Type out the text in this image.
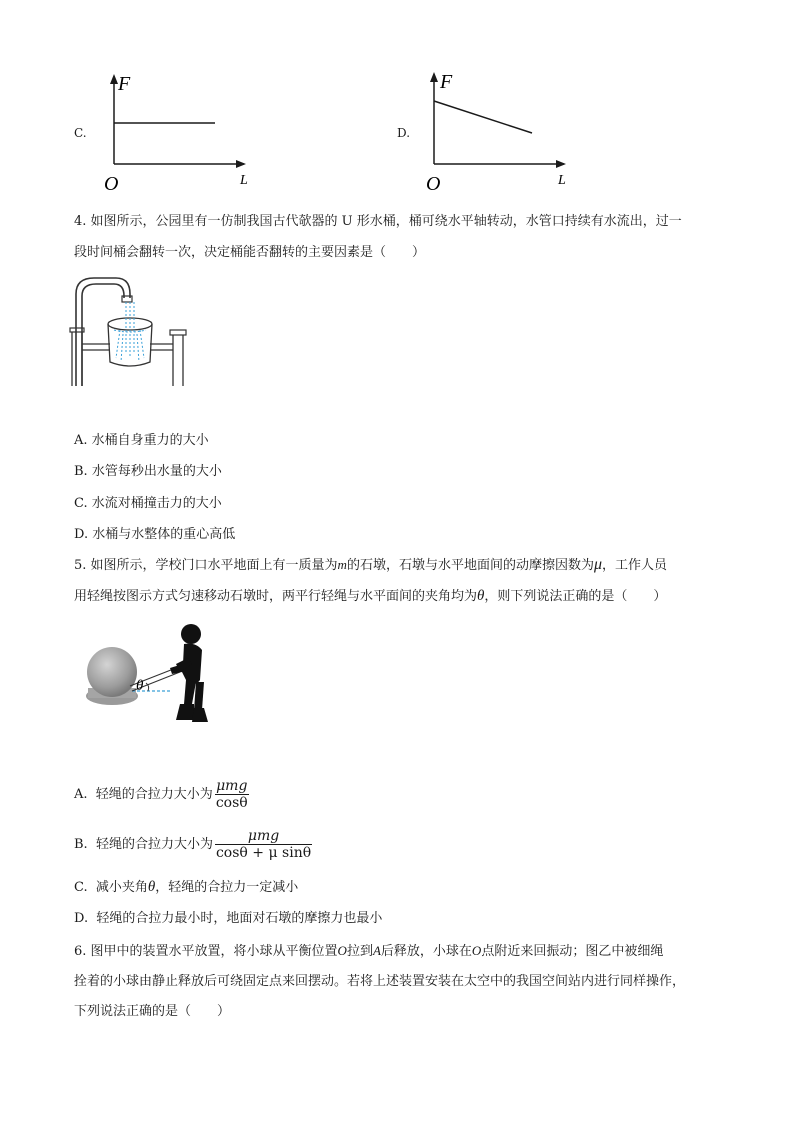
C.
F
O	L
D.
F
O	L
4. 如图所示，公园里有一仿制我国古代欹器的 U 形水桶，桶可绕水平轴转动，水管口持续有水流出，过一
段时间桶会翻转一次，决定桶能否翻转的主要因素是（　　）
A. 水桶自身重力的大小
B. 水管每秒出水量的大小
C. 水流对桶撞击力的大小
D. 水桶与水整体的重心高低
5. 如图所示，学校门口水平地面上有一质量为m的石墩，石墩与水平地面间的动摩擦因数为μ，工作人员
用轻绳按图示方式匀速移动石墩时，两平行轻绳与水平面间的夹角均为θ，则下列说法正确的是（　　）
θ
A. 轻绳的合拉力大小为 $\frac{\text{μmg}}{\cos\theta}$
B. 轻绳的合拉力大小为 $\frac{\text{μmg}}{\text{cosθ + μ sinθ}}$
C. 减小夹角θ，轻绳的合拉力一定减小
D. 轻绳的合拉力最小时，地面对石墩的摩擦力也最小
6. 图甲中的装置水平放置，将小球从平衡位置O拉到A后释放，小球在O点附近来回振动；图乙中被细绳
拴着的小球由静止释放后可绕固定点来回摆动。若将上述装置安装在太空中的我国空间站内进行同样操作，
下列说法正确的是（　　）
